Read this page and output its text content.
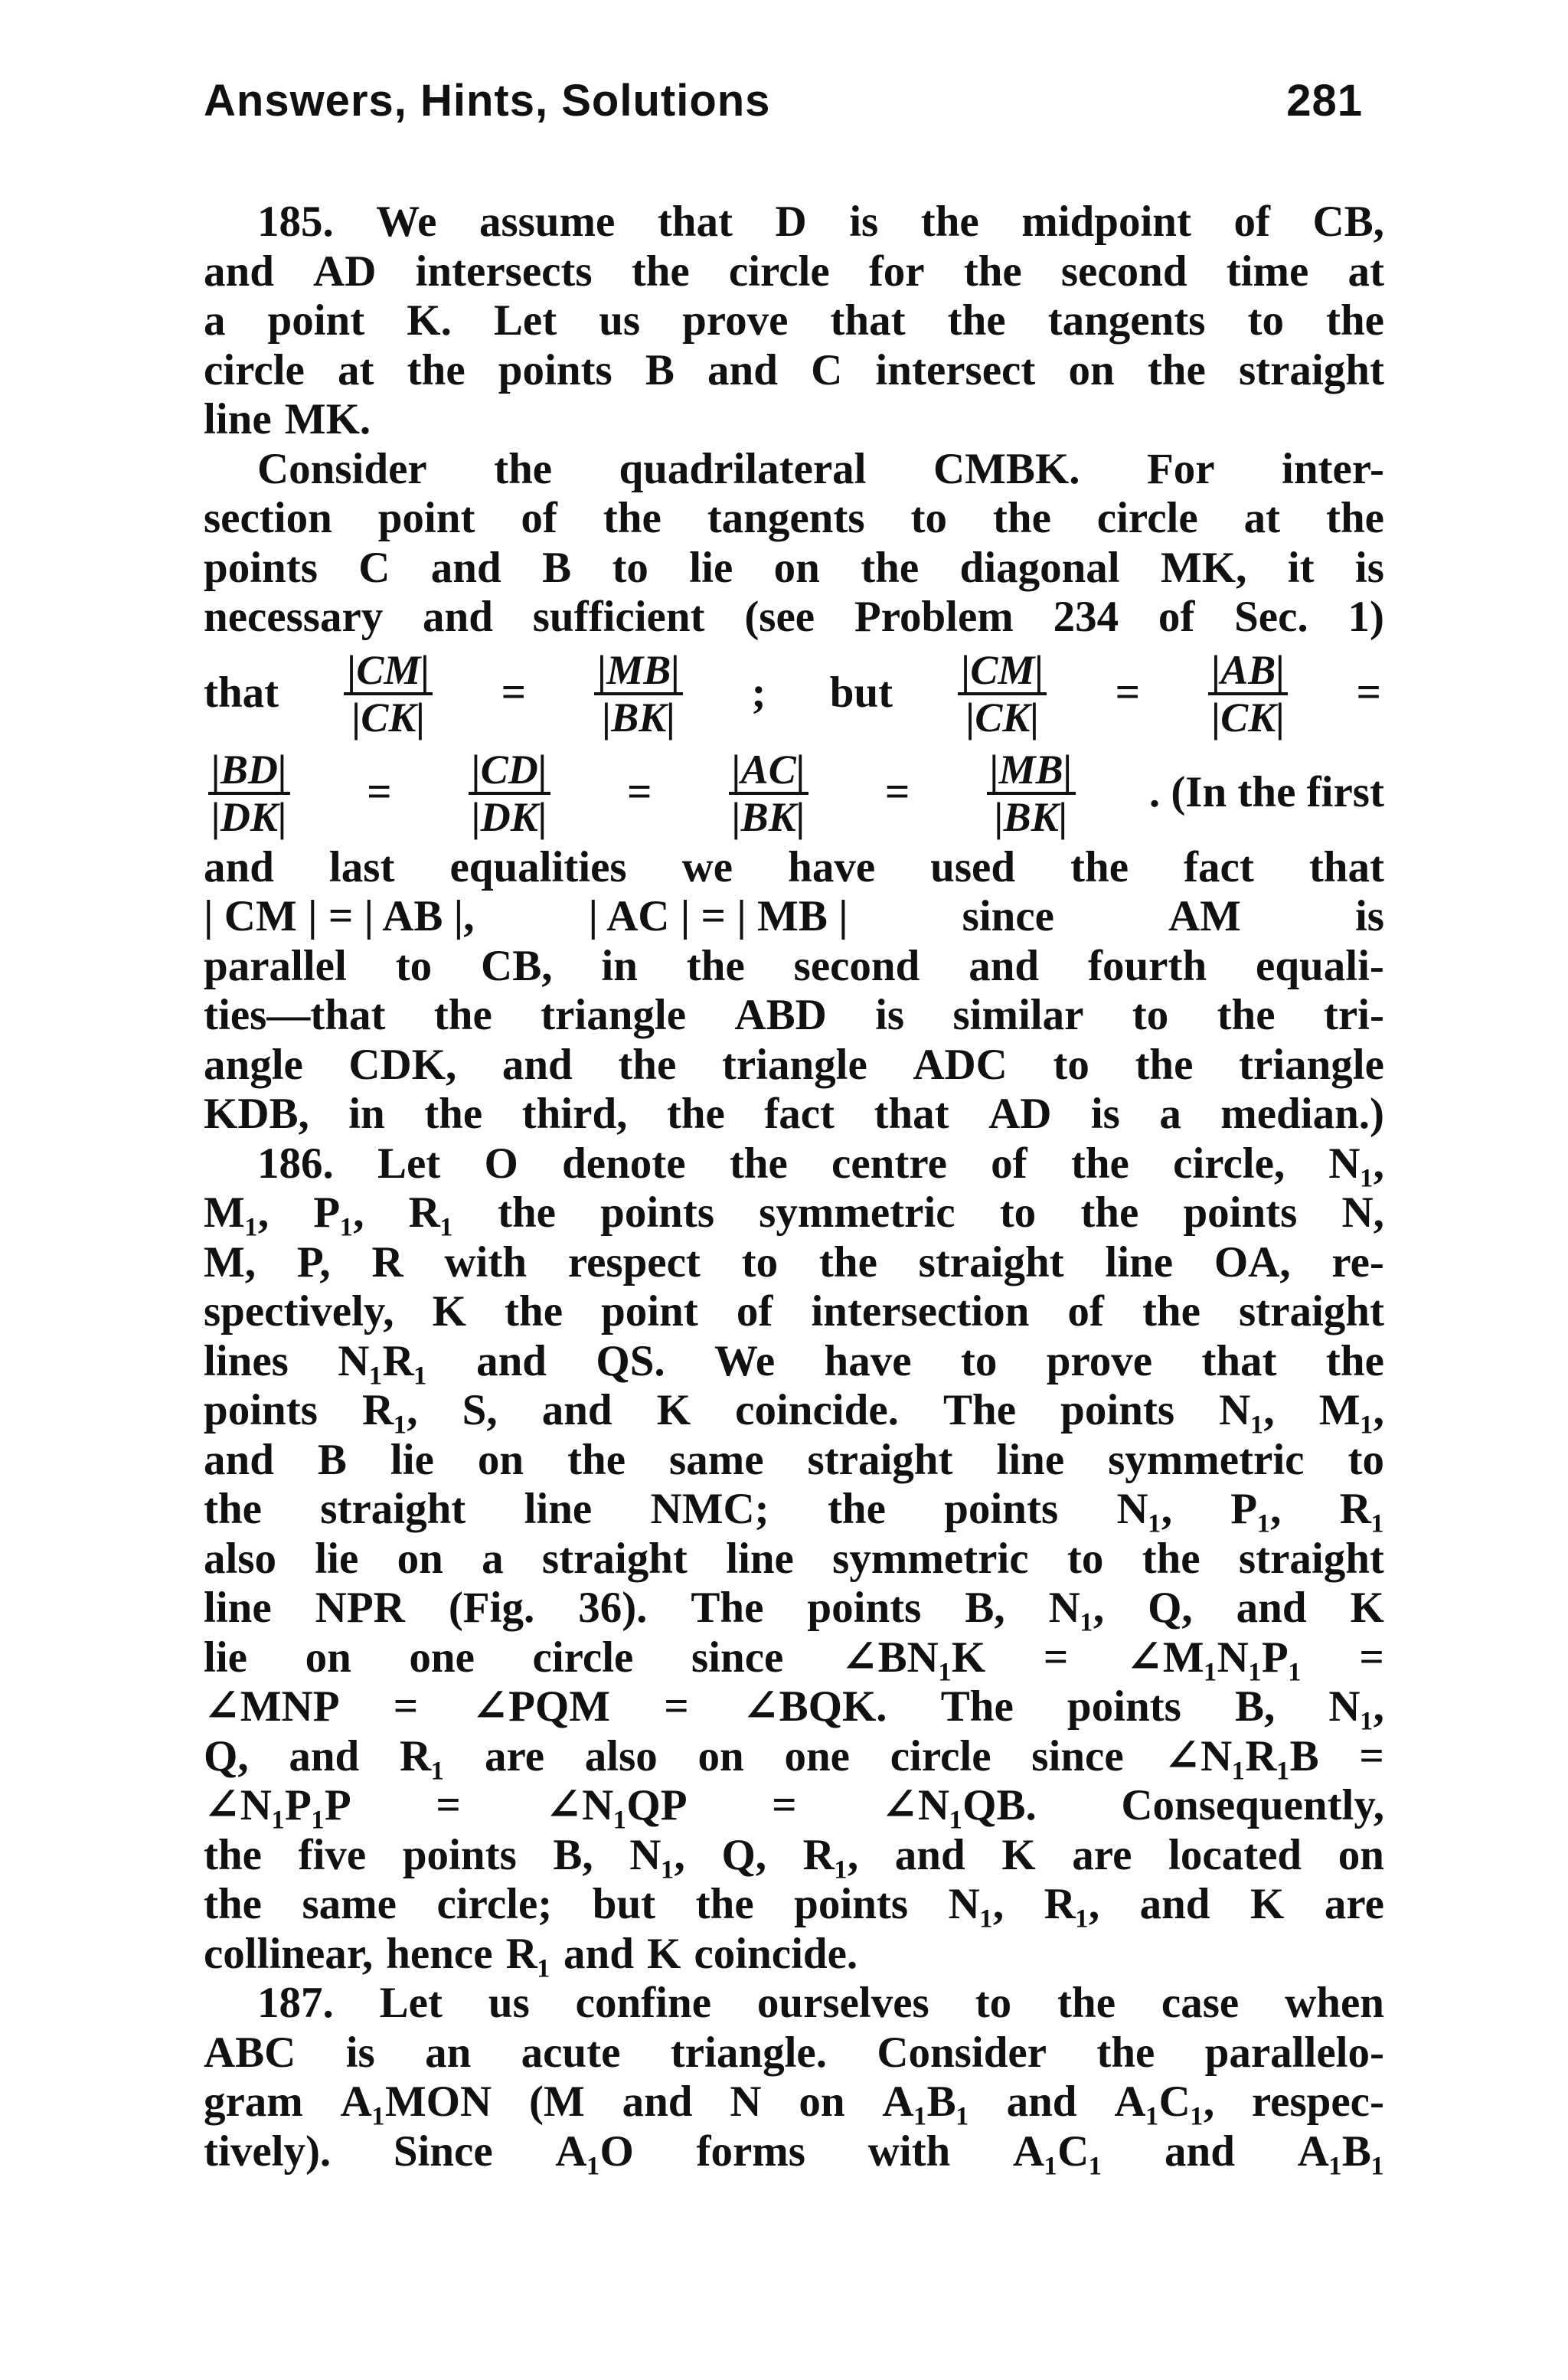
Answers, Hints, Solutions	281
185. We assume that D is the midpoint of CB,
and AD intersects the circle for the second time at
a point K. Let us prove that the tangents to the
circle at the points B and C intersect on the straight
line MK.
Consider the quadrilateral CMBK. For inter-
section point of the tangents to the circle at the
points C and B to lie on the diagonal MK, it is
necessary and sufficient (see Problem 234 of Sec. 1)
that $\frac{|CM|}{|CK|} = \frac{|MB|}{|BK|}$ ; but $\frac{|CM|}{|CK|} = \frac{|AB|}{|CK|}$ =
$\frac{|BD|}{|DK|} = \frac{|CD|}{|DK|} = \frac{|AC|}{|BK|} = \frac{|MB|}{|BK|}$ . (In the first
and last equalities we have used the fact that
| CM | = | AB |,	| AC | = | MB |	since	AM	is
parallel to CB, in the second and fourth equali-
ties—that the triangle ABD is similar to the tri-
angle CDK, and the triangle ADC to the triangle
KDB, in the third, the fact that AD is a median.)
186. Let O denote the centre of the circle, N₁,
M₁, P₁, R₁ the points symmetric to the points N,
M, P, R with respect to the straight line OA, re-
spectively, K the point of intersection of the straight
lines N₁R₁ and QS. We have to prove that the
points R₁, S, and K coincide. The points N₁, M₁,
and B lie on the same straight line symmetric to
the straight line NMC; the points N₁, P₁, R₁
also lie on a straight line symmetric to the straight
line NPR (Fig. 36). The points B, N₁, Q, and K
lie on one circle since ∠BN₁K = ∠M₁N₁P₁ =
∠MNP = ∠PQM = ∠BQK. The points B, N₁,
Q, and R₁ are also on one circle since ∠N₁R₁B =
∠N₁P₁P = ∠N₁QP = ∠N₁QB. Consequently,
the five points B, N₁, Q, R₁, and K are located on
the same circle; but the points N₁, R₁, and K are
collinear, hence R₁ and K coincide.
187. Let us confine ourselves to the case when
ABC is an acute triangle. Consider the parallelo-
gram A₁MON (M and N on A₁B₁ and A₁C₁, respec-
tively). Since A₁O forms with A₁C₁ and A₁B₁
